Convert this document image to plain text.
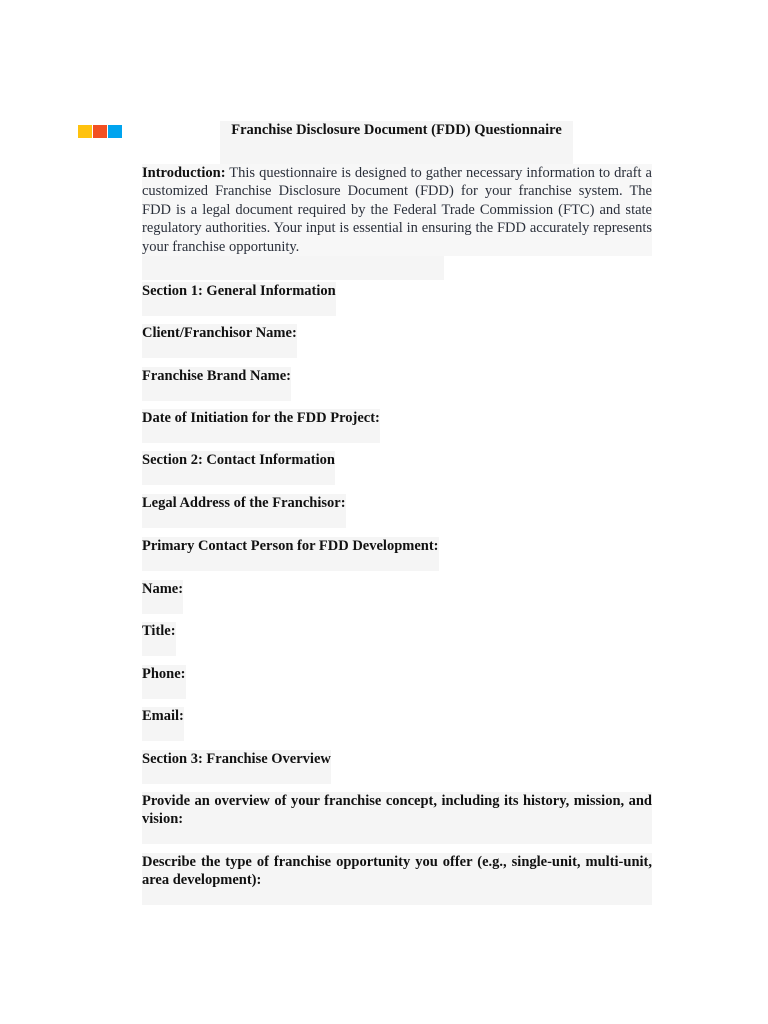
Franchise Disclosure Document (FDD) Questionnaire
Introduction: This questionnaire is designed to gather necessary information to draft a customized Franchise Disclosure Document (FDD) for your franchise system. The FDD is a legal document required by the Federal Trade Commission (FTC) and state regulatory authorities. Your input is essential in ensuring the FDD accurately represents your franchise opportunity.
Section 1: General Information
Client/Franchisor Name:
Franchise Brand Name:
Date of Initiation for the FDD Project:
Section 2: Contact Information
Legal Address of the Franchisor:
Primary Contact Person for FDD Development:
Name:
Title:
Phone:
Email:
Section 3: Franchise Overview
Provide an overview of your franchise concept, including its history, mission, and vision:
Describe the type of franchise opportunity you offer (e.g., single-unit, multi-unit, area development):
